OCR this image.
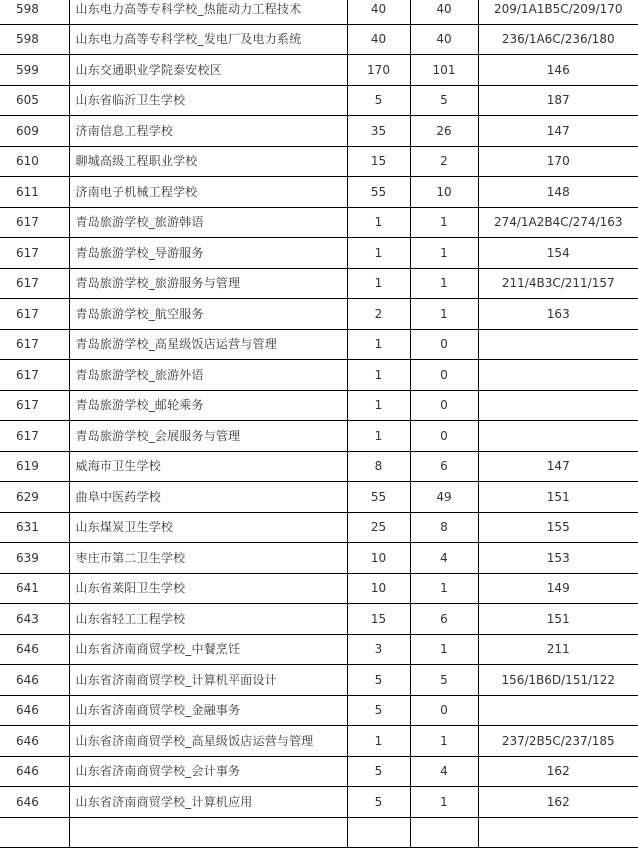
598	山东电力高等专科学校_热能动力工程技术	40	40	209/1A1B5C/209/170
598	山东电力高等专科学校_发电厂及电力系统	40	40	236/1A6C/236/180
599	山东交通职业学院泰安校区	170	101	146
605	山东省临沂卫生学校	5	5	187
609	济南信息工程学校	35	26	147
610	聊城高级工程职业学校	15	2	170
611	济南电子机械工程学校	55	10	148
617	青岛旅游学校_旅游韩语	1	1	274/1A2B4C/274/163
617	青岛旅游学校_导游服务	1	1	154
617	青岛旅游学校_旅游服务与管理	1	1	211/4B3C/211/157
617	青岛旅游学校_航空服务	2	1	163
617	青岛旅游学校_高星级饭店运营与管理	1	0	
617	青岛旅游学校_旅游外语	1	0	
617	青岛旅游学校_邮轮乘务	1	0	
617	青岛旅游学校_会展服务与管理	1	0	
619	威海市卫生学校	8	6	147
629	曲阜中医药学校	55	49	151
631	山东煤炭卫生学校	25	8	155
639	枣庄市第二卫生学校	10	4	153
641	山东省莱阳卫生学校	10	1	149
643	山东省轻工工程学校	15	6	151
646	山东省济南商贸学校_中餐烹饪	3	1	211
646	山东省济南商贸学校_计算机平面设计	5	5	156/1B6D/151/122
646	山东省济南商贸学校_金融事务	5	0	
646	山东省济南商贸学校_高星级饭店运营与管理	1	1	237/2B5C/237/185
646	山东省济南商贸学校_会计事务	5	4	162
646	山东省济南商贸学校_计算机应用	5	1	162
